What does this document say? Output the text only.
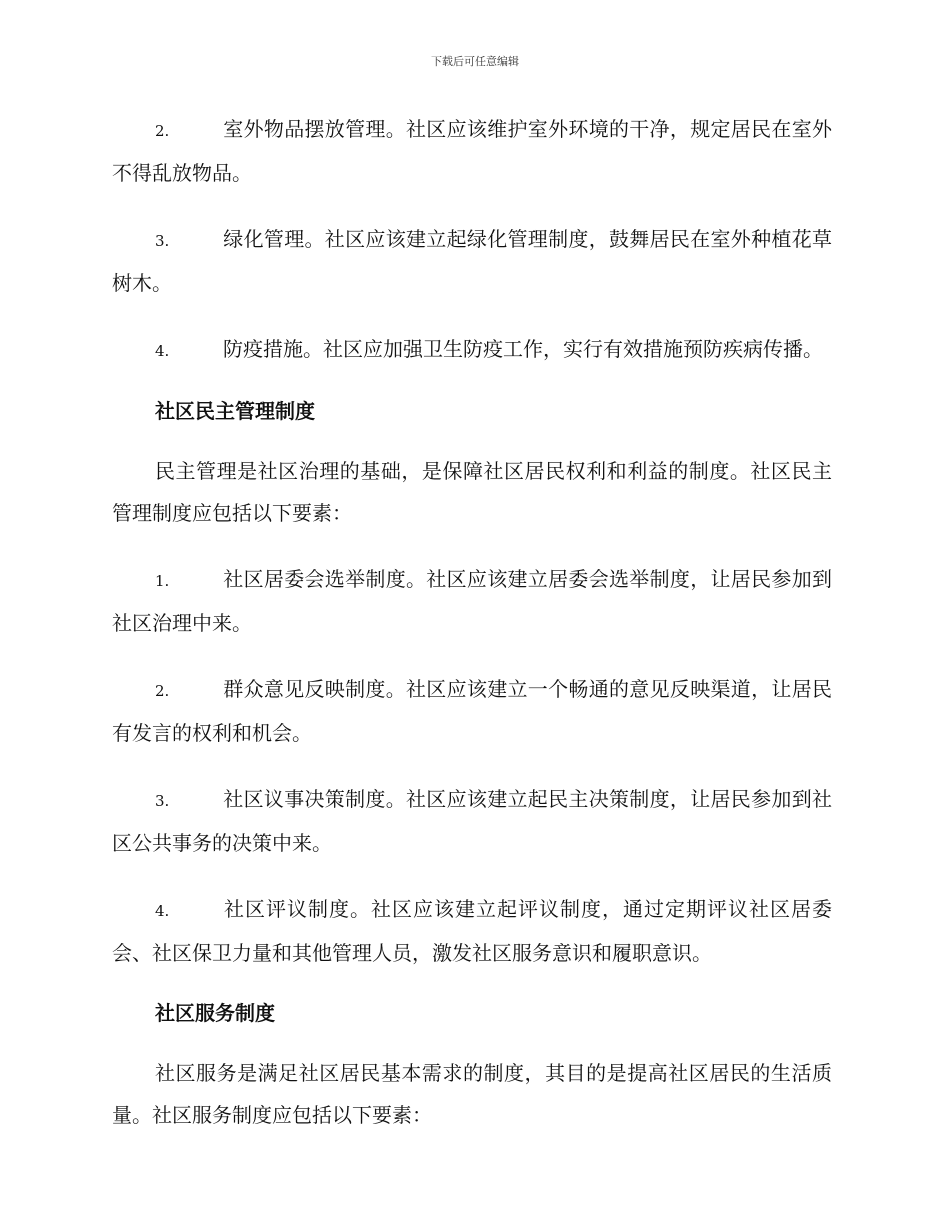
下载后可任意编辑

2.	室外物品摆放管理。社区应该维护室外环境的干净，规定居民在室外不得乱放物品。

3.	绿化管理。社区应该建立起绿化管理制度，鼓舞居民在室外种植花草树木。

4.	防疫措施。社区应加强卫生防疫工作，实行有效措施预防疾病传播。

社区民主管理制度

民主管理是社区治理的基础，是保障社区居民权利和利益的制度。社区民主管理制度应包括以下要素：

1.	社区居委会选举制度。社区应该建立居委会选举制度，让居民参加到社区治理中来。

2.	群众意见反映制度。社区应该建立一个畅通的意见反映渠道，让居民有发言的权利和机会。

3.	社区议事决策制度。社区应该建立起民主决策制度，让居民参加到社区公共事务的决策中来。

4.	社区评议制度。社区应该建立起评议制度，通过定期评议社区居委会、社区保卫力量和其他管理人员，激发社区服务意识和履职意识。

社区服务制度

社区服务是满足社区居民基本需求的制度，其目的是提高社区居民的生活质量。社区服务制度应包括以下要素：
